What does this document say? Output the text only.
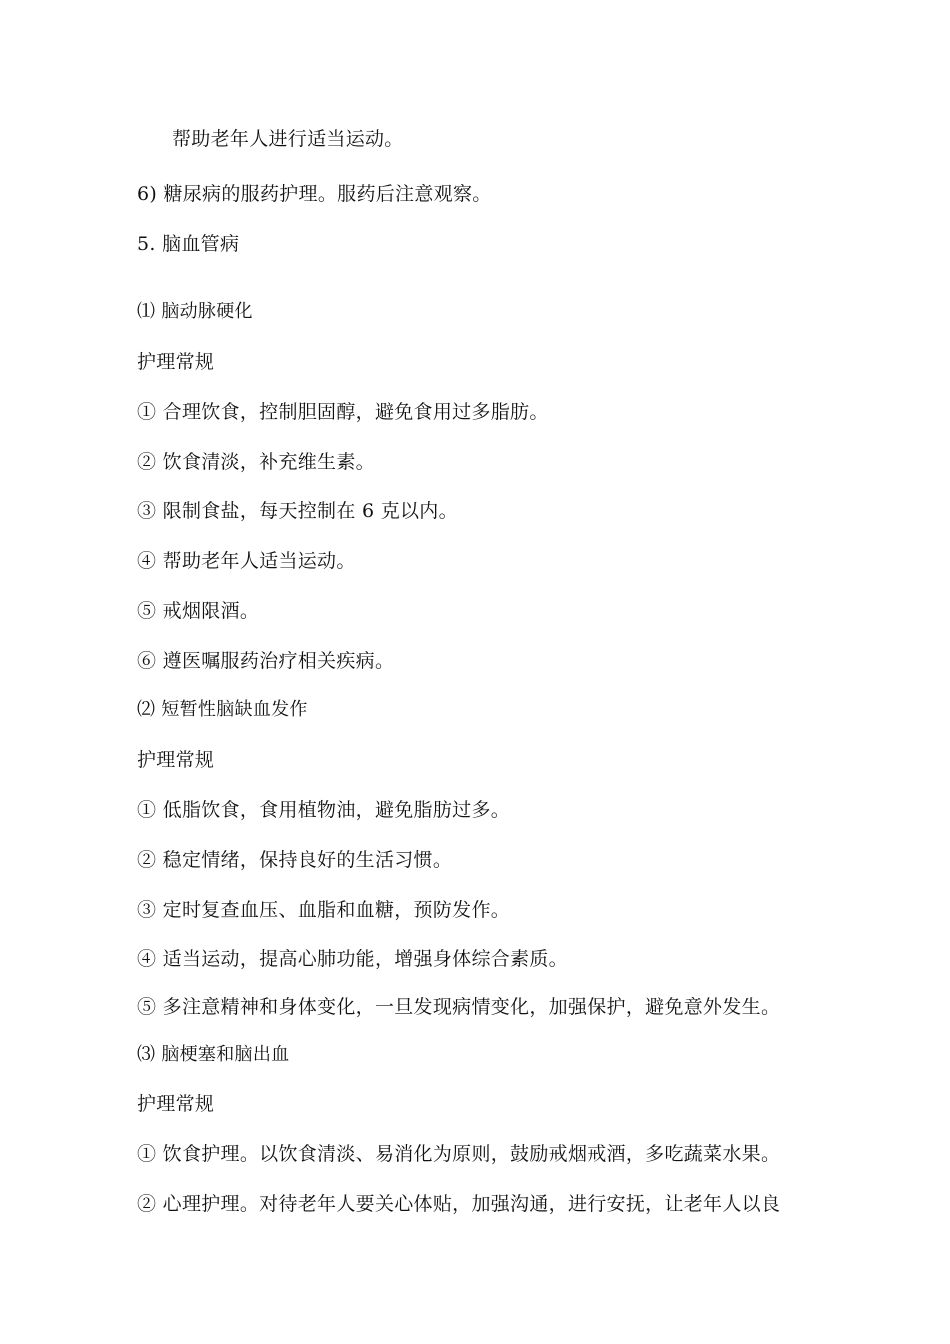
帮助老年人进行适当运动。
6) 糖尿病的服药护理。服药后注意观察。
5. 脑血管病
⑴ 脑动脉硬化
护理常规
① 合理饮食，控制胆固醇，避免食用过多脂肪。
② 饮食清淡，补充维生素。
③ 限制食盐，每天控制在 6 克以内。
④ 帮助老年人适当运动。
⑤ 戒烟限酒。
⑥ 遵医嘱服药治疗相关疾病。
⑵ 短暂性脑缺血发作
护理常规
① 低脂饮食，食用植物油，避免脂肪过多。
② 稳定情绪，保持良好的生活习惯。
③ 定时复查血压、血脂和血糖，预防发作。
④ 适当运动，提高心肺功能，增强身体综合素质。
⑤ 多注意精神和身体变化，一旦发现病情变化，加强保护，避免意外发生。
⑶ 脑梗塞和脑出血
护理常规
① 饮食护理。以饮食清淡、易消化为原则，鼓励戒烟戒酒，多吃蔬菜水果。
② 心理护理。对待老年人要关心体贴，加强沟通，进行安抚，让老年人以良
